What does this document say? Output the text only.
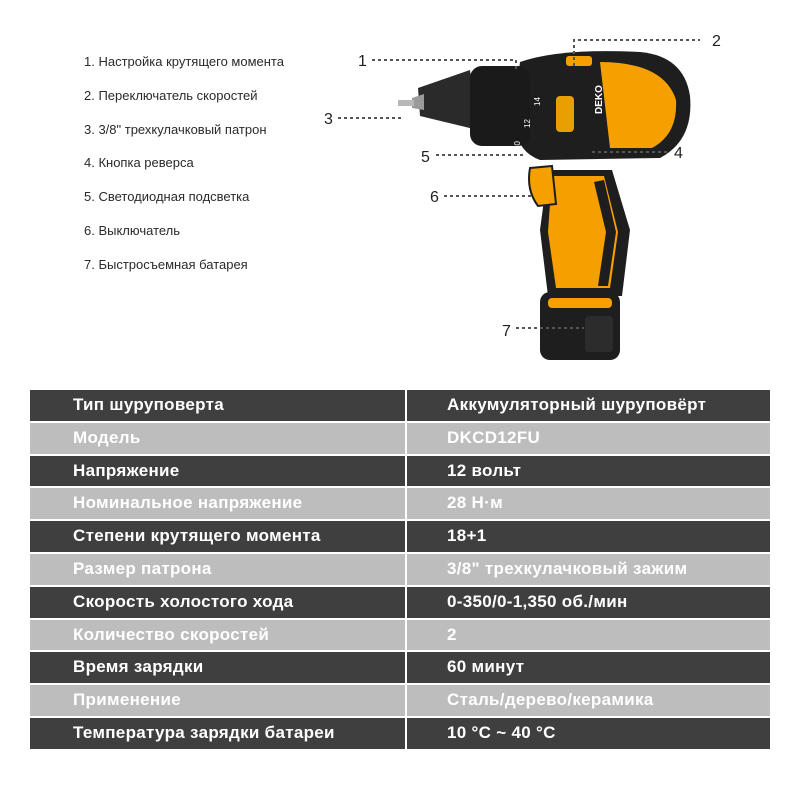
1. Настройка крутящего момента
2. Переключатель скоростей
3. 3/8" трехкулачковый патрон
4. Кнопка реверса
5. Светодиодная подсветка
6. Выключатель
7. Быстросъемная батарея
DEKO
10
12
14
1
2
3
4
5
6
7
Тип шуруповерта	Аккумуляторный шуруповёрт
Модель	DKCD12FU
Напряжение	12 вольт
Номинальное напряжение	28 Н·м
Степени крутящего момента	18+1
Размер патрона	3/8" трехкулачковый зажим
Скорость холостого хода	0-350/0-1,350 об./мин
Количество скоростей	2
Время зарядки	60 минут
Применение	Сталь/дерево/керамика
Температура зарядки батареи	10 °C ~ 40 °C
